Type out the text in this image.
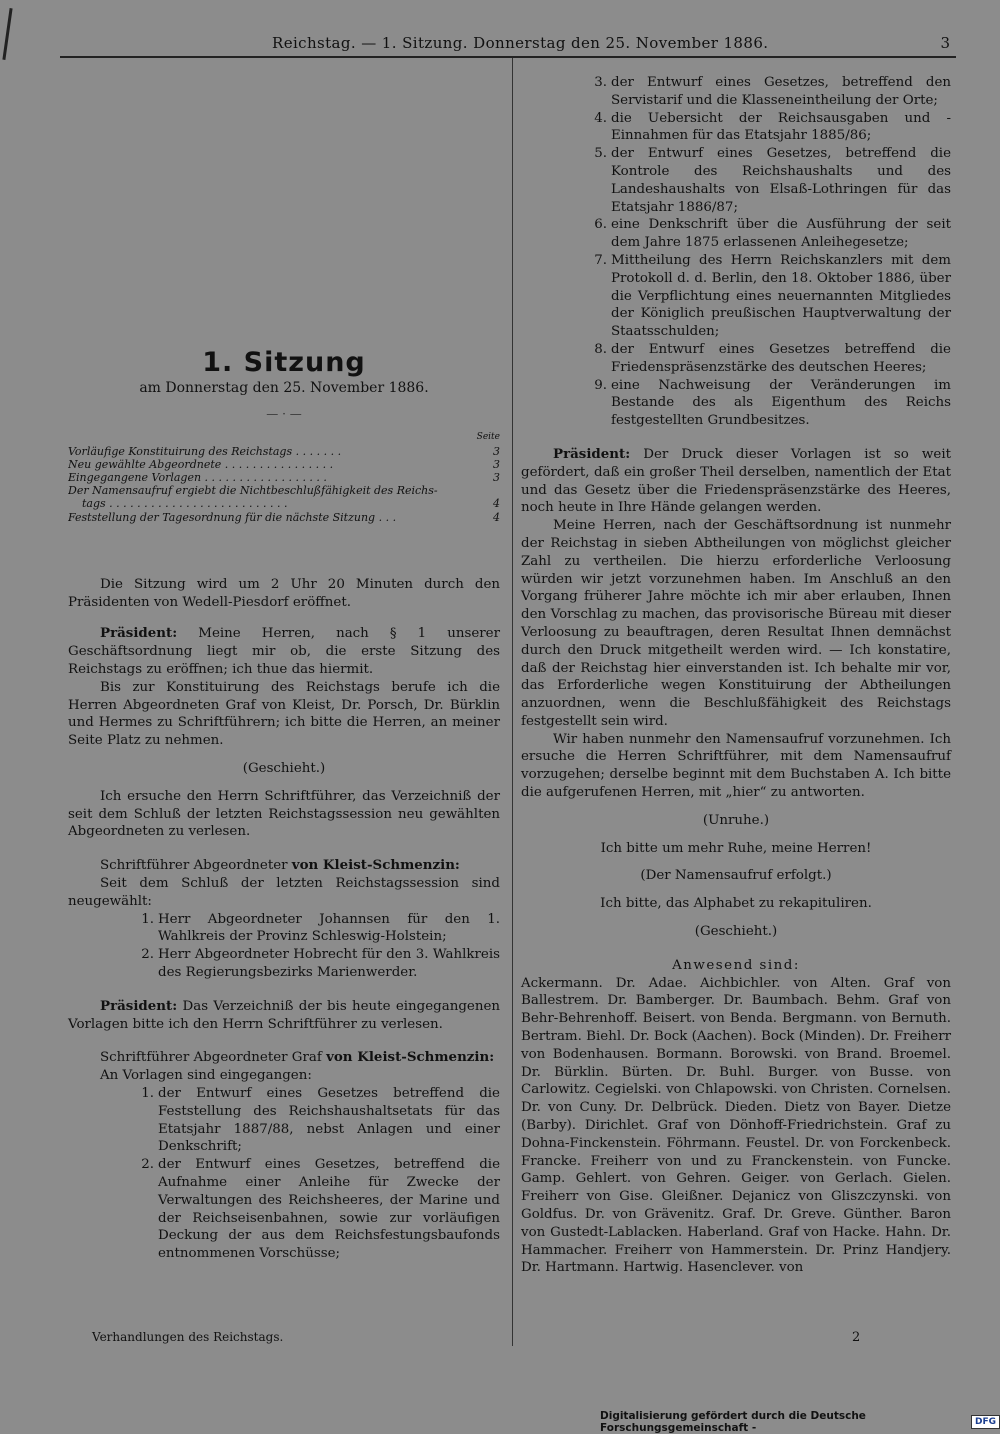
Reichstag. — 1. Sitzung. Donnerstag den 25. November 1886.	3
1. Sitzung
am Donnerstag den 25. November 1886.
— · —
Seite
Vorläufige Konstituirung des Reichstags . . . . . . .	3
Neu gewählte Abgeordnete . . . . . . . . . . . . . . . .	3
Eingegangene Vorlagen . . . . . . . . . . . . . . . . . .	3
Der Namensaufruf ergiebt die Nichtbeschlußfähigkeit des Reichs-
tags . . . . . . . . . . . . . . . . . . . . . . . . . .	4
Feststellung der Tagesordnung für die nächste Sitzung . . .	4

Die Sitzung wird um 2 Uhr 20 Minuten durch den Präsidenten von Wedell-Piesdorf eröffnet.

Präsident: Meine Herren, nach § 1 unserer Geschäftsordnung liegt mir ob, die erste Sitzung des Reichstags zu eröffnen; ich thue das hiermit.

Bis zur Konstituirung des Reichstags berufe ich die Herren Abgeordneten Graf von Kleist, Dr. Porsch, Dr. Bürklin und Hermes zu Schriftführern; ich bitte die Herren, an meiner Seite Platz zu nehmen.

(Geschieht.)

Ich ersuche den Herrn Schriftführer, das Verzeichniß der seit dem Schluß der letzten Reichstagssession neu gewählten Abgeordneten zu verlesen.

Schriftführer Abgeordneter von Kleist-Schmenzin:

Seit dem Schluß der letzten Reichstagssession sind neugewählt:

1. Herr Abgeordneter Johannsen für den 1. Wahlkreis der Provinz Schleswig-Holstein;
2. Herr Abgeordneter Hobrecht für den 3. Wahlkreis des Regierungsbezirks Marienwerder.

Präsident: Das Verzeichniß der bis heute eingegangenen Vorlagen bitte ich den Herrn Schriftführer zu verlesen.

Schriftführer Abgeordneter Graf von Kleist-Schmenzin:

An Vorlagen sind eingegangen:

1. der Entwurf eines Gesetzes betreffend die Feststellung des Reichshaushaltsetats für das Etatsjahr 1887/88, nebst Anlagen und einer Denkschrift;
2. der Entwurf eines Gesetzes, betreffend die Aufnahme einer Anleihe für Zwecke der Verwaltungen des Reichsheeres, der Marine und der Reichseisenbahnen, sowie zur vorläufigen Deckung der aus dem Reichsfestungsbaufonds entnommenen Vorschüsse;
3. der Entwurf eines Gesetzes, betreffend den Servistarif und die Klasseneintheilung der Orte;
4. die Uebersicht der Reichsausgaben und -Einnahmen für das Etatsjahr 1885/86;
5. der Entwurf eines Gesetzes, betreffend die Kontrole des Reichshaushalts und des Landeshaushalts von Elsaß-Lothringen für das Etatsjahr 1886/87;
6. eine Denkschrift über die Ausführung der seit dem Jahre 1875 erlassenen Anleihegesetze;
7. Mittheilung des Herrn Reichskanzlers mit dem Protokoll d. d. Berlin, den 18. Oktober 1886, über die Verpflichtung eines neuernannten Mitgliedes der Königlich preußischen Hauptverwaltung der Staatsschulden;
8. der Entwurf eines Gesetzes betreffend die Friedenspräsenzstärke des deutschen Heeres;
9. eine Nachweisung der Veränderungen im Bestande des als Eigenthum des Reichs festgestellten Grundbesitzes.

Präsident: Der Druck dieser Vorlagen ist so weit gefördert, daß ein großer Theil derselben, namentlich der Etat und das Gesetz über die Friedenspräsenzstärke des Heeres, noch heute in Ihre Hände gelangen werden.

Meine Herren, nach der Geschäftsordnung ist nunmehr der Reichstag in sieben Abtheilungen von möglichst gleicher Zahl zu vertheilen. Die hierzu erforderliche Verloosung würden wir jetzt vorzunehmen haben. Im Anschluß an den Vorgang früherer Jahre möchte ich mir aber erlauben, Ihnen den Vorschlag zu machen, das provisorische Büreau mit dieser Verloosung zu beauftragen, deren Resultat Ihnen demnächst durch den Druck mitgetheilt werden wird. — Ich konstatire, daß der Reichstag hier einverstanden ist. Ich behalte mir vor, das Erforderliche wegen Konstituirung der Abtheilungen anzuordnen, wenn die Beschlußfähigkeit des Reichstags festgestellt sein wird.

Wir haben nunmehr den Namensaufruf vorzunehmen. Ich ersuche die Herren Schriftführer, mit dem Namensaufruf vorzugehen; derselbe beginnt mit dem Buchstaben A. Ich bitte die aufgerufenen Herren, mit „hier“ zu antworten.

(Unruhe.)

Ich bitte um mehr Ruhe, meine Herren!

(Der Namensaufruf erfolgt.)

Ich bitte, das Alphabet zu rekapituliren.

(Geschieht.)

Anwesend sind:

Ackermann. Dr. Adae. Aichbichler. von Alten. Graf von Ballestrem. Dr. Bamberger. Dr. Baumbach. Behm. Graf von Behr-Behrenhoff. Beisert. von Benda. Bergmann. von Bernuth. Bertram. Biehl. Dr. Bock (Aachen). Bock (Minden). Dr. Freiherr von Bodenhausen. Bormann. Borowski. von Brand. Broemel. Dr. Bürklin. Bürten. Dr. Buhl. Burger. von Busse. von Carlowitz. Cegielski. von Chlapowski. von Christen. Cornelsen. Dr. von Cuny. Dr. Delbrück. Dieden. Dietz von Bayer. Dietze (Barby). Dirichlet. Graf von Dönhoff-Friedrichstein. Graf zu Dohna-Finckenstein. Föhrmann. Feustel. Dr. von Forckenbeck. Francke. Freiherr von und zu Franckenstein. von Funcke. Gamp. Gehlert. von Gehren. Geiger. von Gerlach. Gielen. Freiherr von Gise. Gleißner. Dejanicz von Gliszczynski. von Goldfus. Dr. von Grävenitz. Graf. Dr. Greve. Günther. Baron von Gustedt-Lablacken. Haberland. Graf von Hacke. Hahn. Dr. Hammacher. Freiherr von Hammerstein. Dr. Prinz Handjery. Dr. Hartmann. Hartwig. Hasenclever. von

Verhandlungen des Reichstags.	2
Digitalisierung gefördert durch die Deutsche Forschungsgemeinschaft -	DFG
